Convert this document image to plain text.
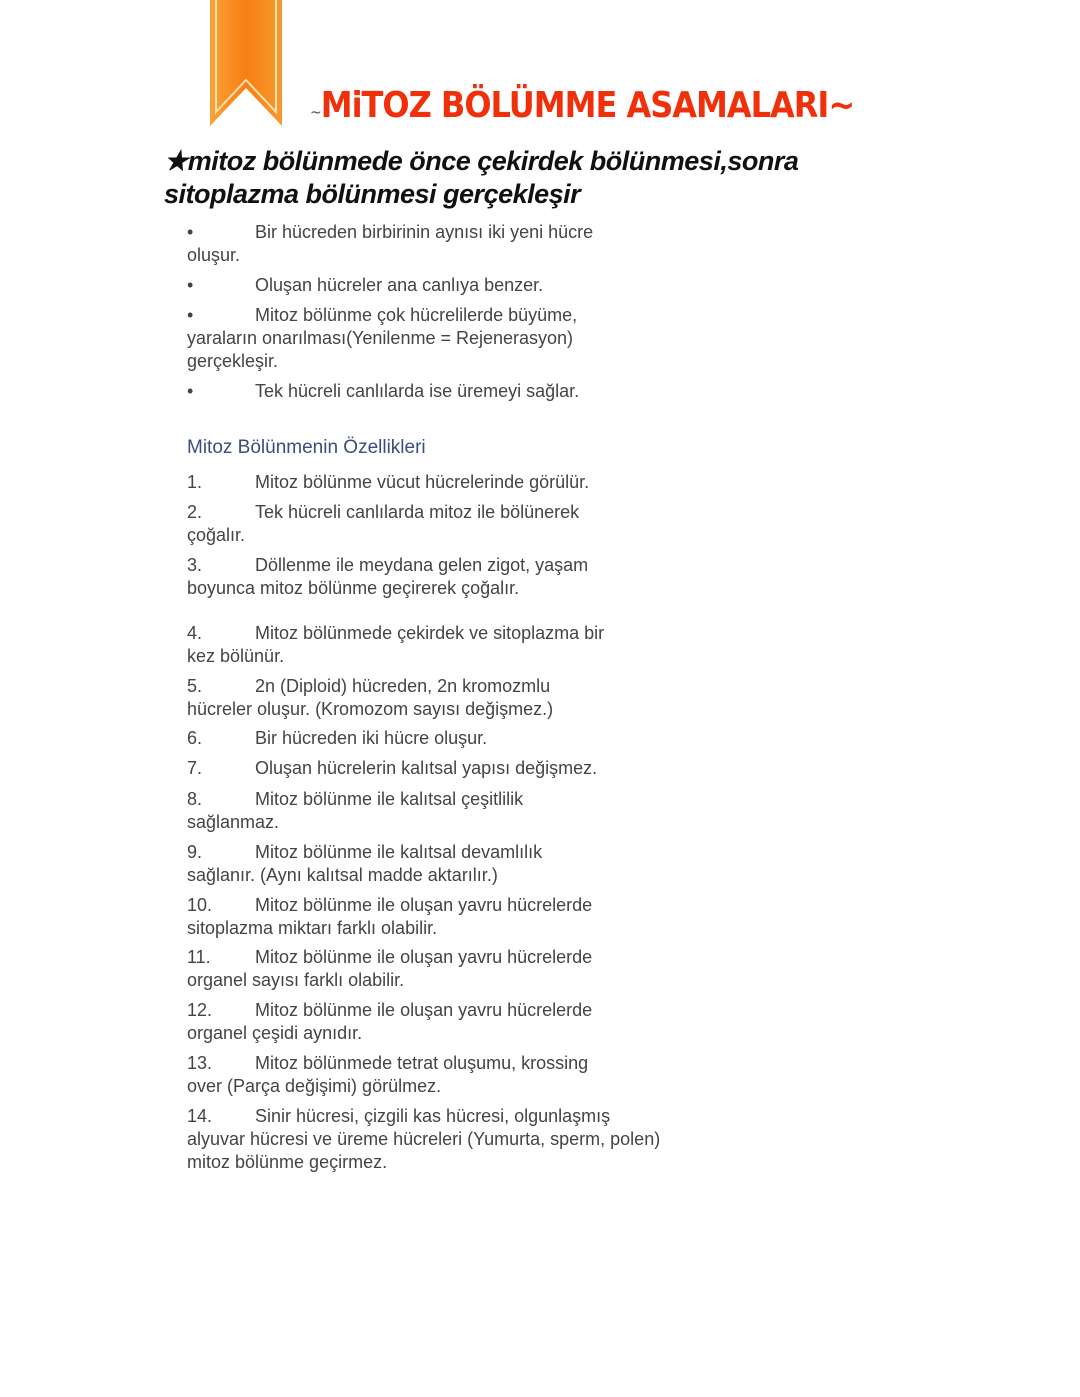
~MiTOZ BÖLÜMME ASAMALARI~
★mitoz bölünmede önce çekirdek bölünmesi,sonra
sitoplazma bölünmesi gerçekleşir
•	Bir hücreden birbirinin aynısı iki yeni hücre
oluşur.
•	Oluşan hücreler ana canlıya benzer.
•	Mitoz bölünme çok hücrelilerde büyüme,
yaraların onarılması(Yenilenme = Rejenerasyon) gerçekleşir.
•	Tek hücreli canlılarda ise üremeyi sağlar.
Mitoz Bölünmenin Özellikleri
1.	Mitoz bölünme vücut hücrelerinde görülür.
2.	Tek hücreli canlılarda mitoz ile bölünerek
çoğalır.
3.	Döllenme ile meydana gelen zigot, yaşam
boyunca mitoz bölünme geçirerek çoğalır.
4.	Mitoz bölünmede çekirdek ve sitoplazma bir
kez bölünür.
5.	2n (Diploid) hücreden, 2n kromozmlu
hücreler oluşur. (Kromozom sayısı değişmez.)
6.	Bir hücreden iki hücre oluşur.
7.	Oluşan hücrelerin kalıtsal yapısı değişmez.
8.	Mitoz bölünme ile kalıtsal çeşitlilik
sağlanmaz.
9.	Mitoz bölünme ile kalıtsal devamlılık
sağlanır. (Aynı kalıtsal madde aktarılır.)
10. Mitoz bölünme ile oluşan yavru hücrelerde
sitoplazma miktarı farklı olabilir.
11. Mitoz bölünme ile oluşan yavru hücrelerde
organel sayısı farklı olabilir.
12. Mitoz bölünme ile oluşan yavru hücrelerde
organel çeşidi aynıdır.
13. Mitoz bölünmede tetrat oluşumu, krossing
over (Parça değişimi) görülmez.
14. Sinir hücresi, çizgili kas hücresi, olgunlaşmış
alyuvar hücresi ve üreme hücreleri (Yumurta, sperm, polen) mitoz bölünme geçirmez.
